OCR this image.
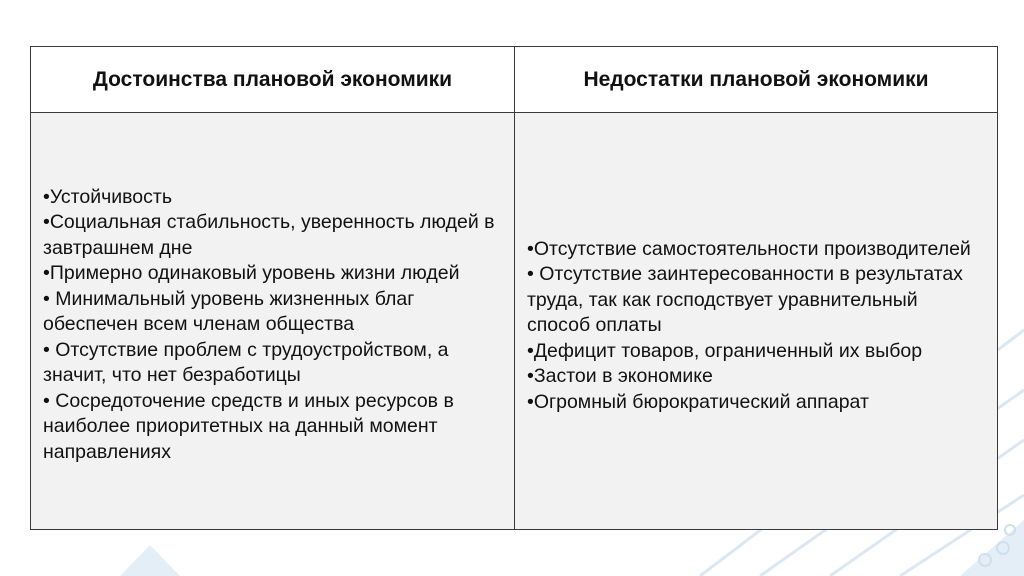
Достоинства плановой экономики	Недостатки плановой экономики
•Устойчивость
•Социальная стабильность, уверенность людей в завтрашнем дне
•Примерно одинаковый уровень жизни людей
• Минимальный уровень жизненных благ обеспечен всем членам общества
• Отсутствие проблем с трудоустройством, а значит, что нет безработицы
• Сосредоточение средств и иных ресурсов в наиболее приоритетных на данный момент направлениях
•Отсутствие самостоятельности производителей
• Отсутствие заинтересованности в результатах труда, так как господствует уравнительный способ оплаты
•Дефицит товаров, ограниченный их выбор
•Застои в экономике
•Огромный бюрократический аппарат
